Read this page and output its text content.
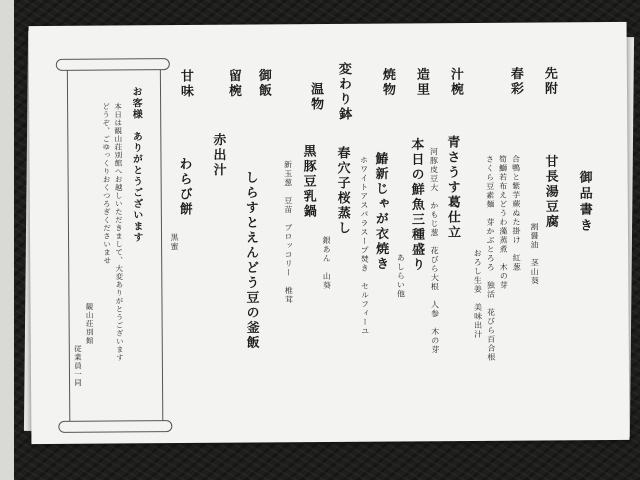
御品書き
先附
甘長湯豆腐
割醤油　茎山葵
春彩
合鴨と紫芋蕨ぬた掛け　紅葱
筍鰤若布えどうわ藻蒸煮　木の芽
さくら豆素麺　芽かぶとろろ　独活　花びら百合根
おろし生姜　美味出汁
汁椀
青さうす葛仕立
河豚皮豆大　かもじ葱　花びら大根　人参　木の芽
造里
本日の鮮魚三種盛り
あしらい他
焼物
鰆新じゃが衣焼き
ホワイトアスパラスープ焚き　セルフィーユ
変わり鉢
春穴子桜蒸し
銀あん　山葵
温物
黒豚豆乳鍋
新玉葱　豆苗　ブロッコリー　椎茸
御飯
しらすとえんどう豆の釜飯
留椀
赤出汁
甘味
わらび餅
黒蜜
お客様　ありがとうございます
本日は観山荘別館へお越しいただきまして、大変ありがとうございます
どうぞ、ごゆっくりおくつろぎくださいませ
観山荘別館
従業員一同
